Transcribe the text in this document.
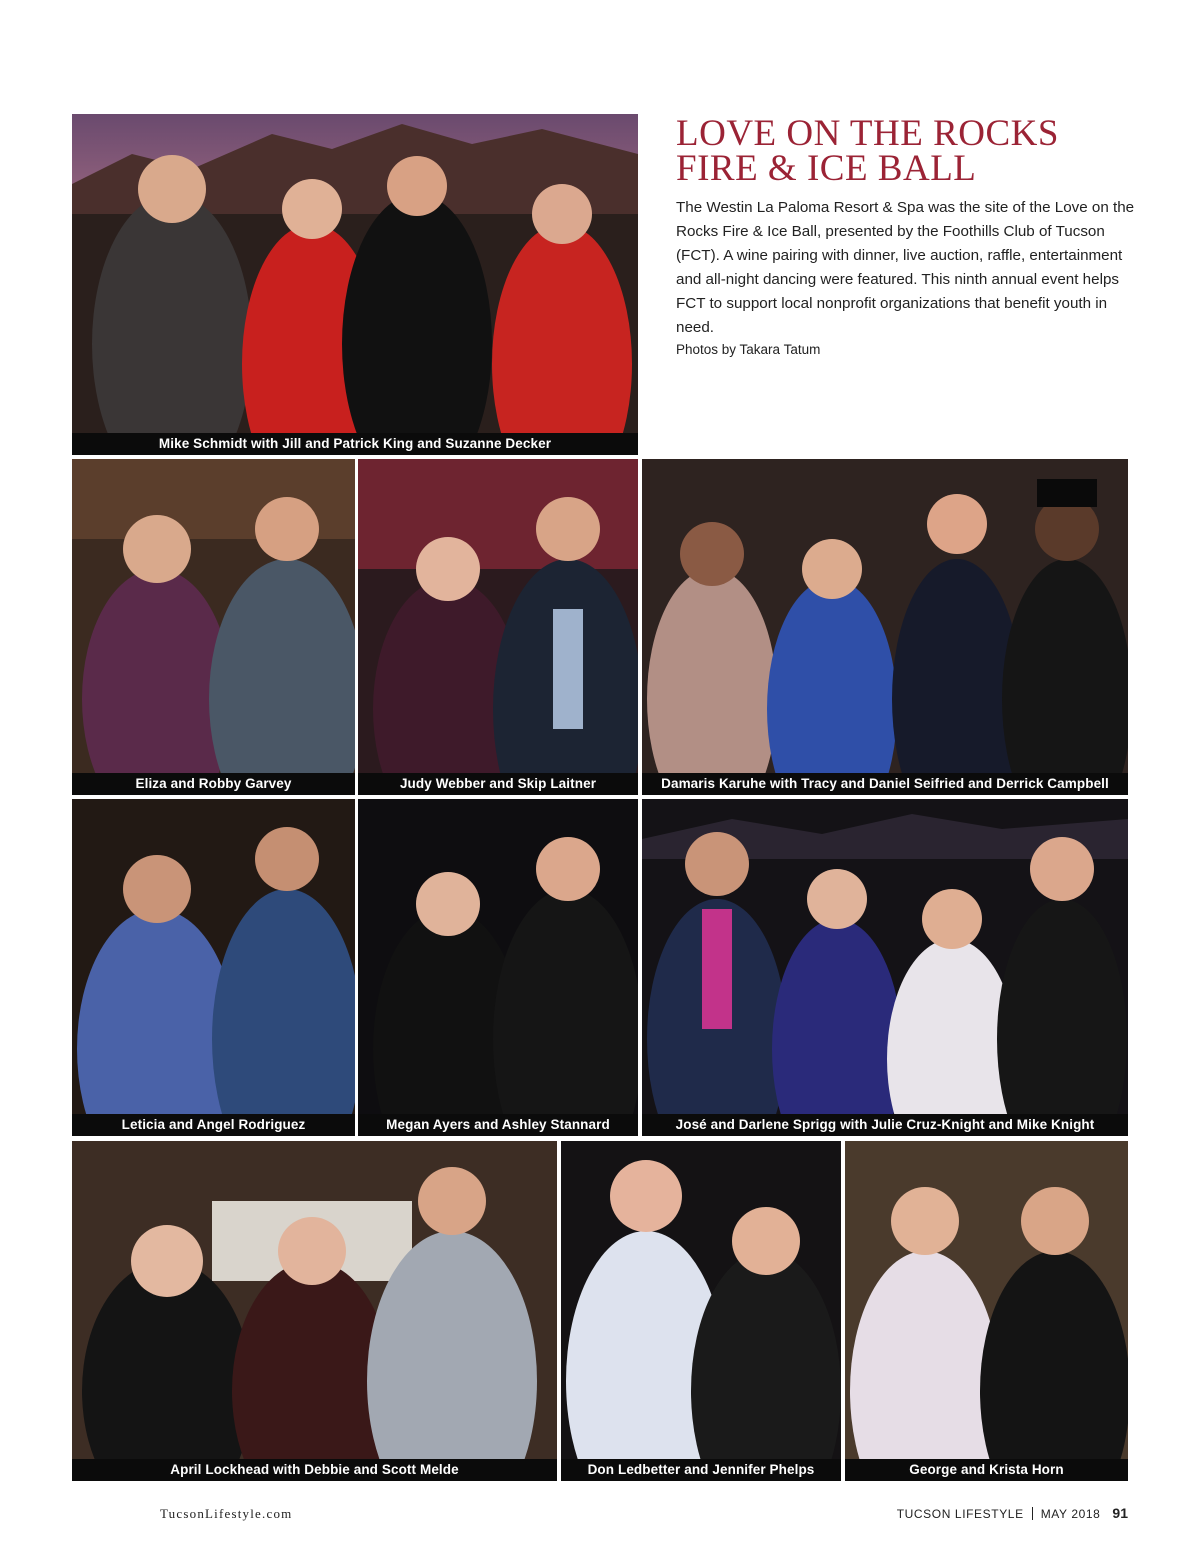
Mike Schmidt with Jill and Patrick King and Suzanne Decker
LOVE ON THE ROCKS
FIRE & ICE BALL

The Westin La Paloma Resort & Spa was the site of the Love on the Rocks Fire & Ice Ball, presented by the Foothills Club of Tucson (FCT). A wine pairing with dinner, live auction, raffle, entertainment and all-night dancing were featured. This ninth annual event helps FCT to support local nonprofit organizations that benefit youth in need.

Photos by Takara Tatum
Eliza and Robby Garvey	Judy Webber and Skip Laitner	Damaris Karuhe with Tracy and Daniel Seifried and Derrick Campbell
Leticia and Angel Rodriguez	Megan Ayers and Ashley Stannard	José and Darlene Sprigg with Julie Cruz-Knight and Mike Knight
April Lockhead with Debbie and Scott Melde	Don Ledbetter and Jennifer Phelps	George and Krista Horn
TucsonLifestyle.com	TUCSON LIFESTYLE MAY 2018 91
